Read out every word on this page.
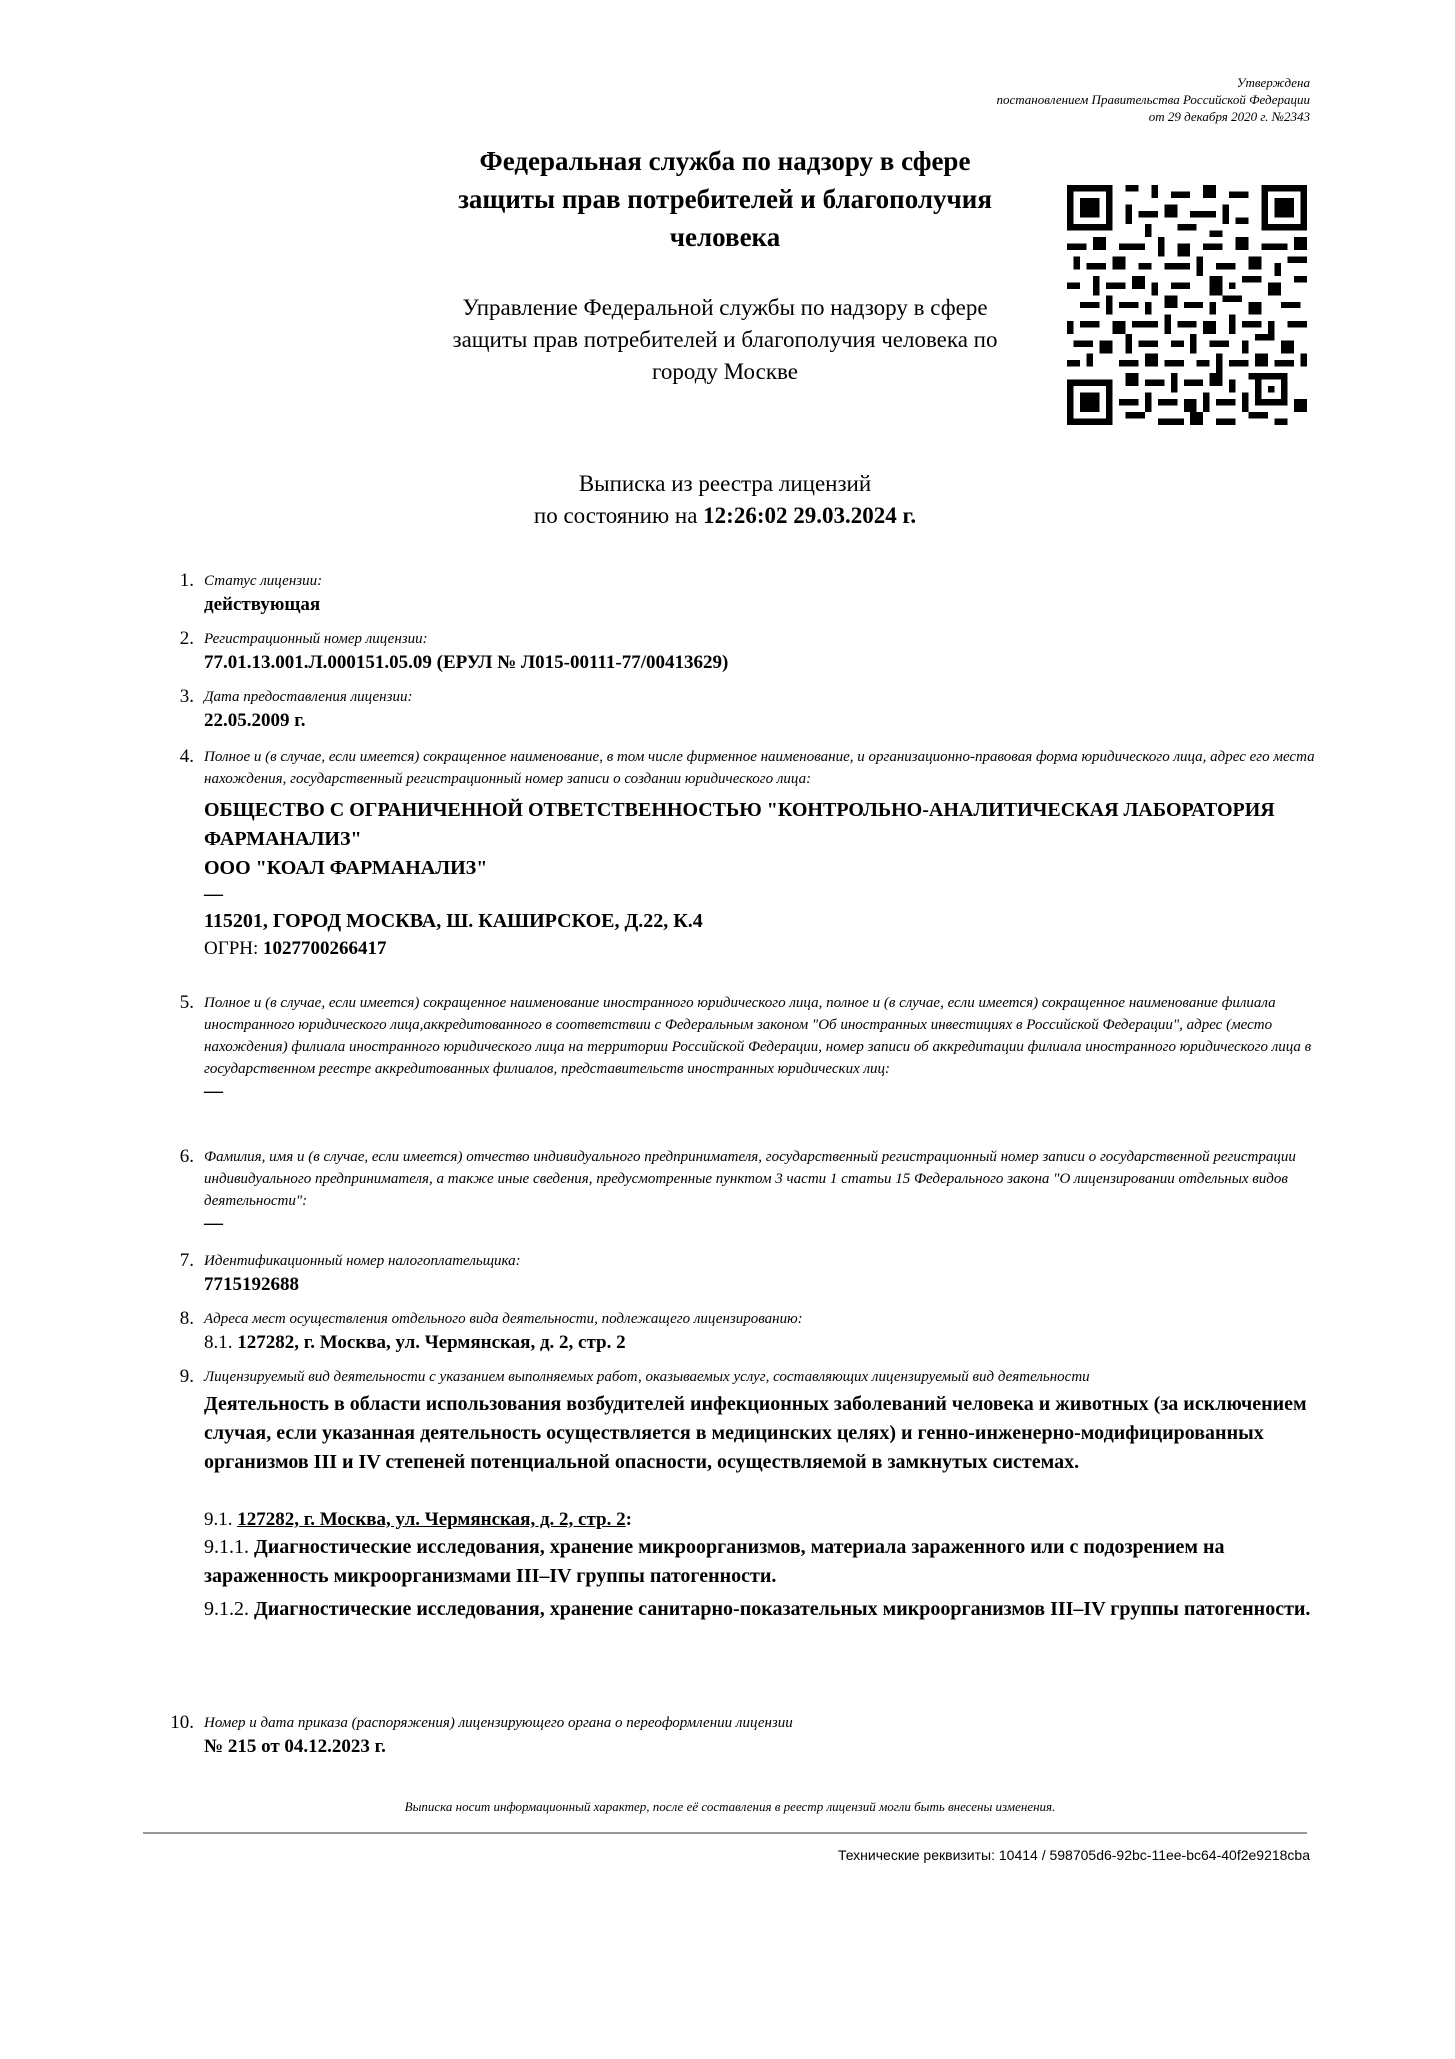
Утверждена
постановлением Правительства Российской Федерации
от 29 декабря 2020 г. №2343
Федеральная служба по надзору в сфере защиты прав потребителей и благополучия человека
Управление Федеральной службы по надзору в сфере защиты прав потребителей и благополучия человека по городу Москве
Выписка из реестра лицензий
по состоянию на 12:26:02 29.03.2024 г.
1. Статус лицензии:
действующая
2. Регистрационный номер лицензии:
77.01.13.001.Л.000151.05.09 (ЕРУЛ № Л015-00111-77/00413629)
3. Дата предоставления лицензии:
22.05.2009 г.
4. Полное и (в случае, если имеется) сокращенное наименование, в том числе фирменное наименование, и организационно-правовая форма юридического лица, адрес его места нахождения, государственный регистрационный номер записи о создании юридического лица:
ОБЩЕСТВО С ОГРАНИЧЕННОЙ ОТВЕТСТВЕННОСТЬЮ "КОНТРОЛЬНО-АНАЛИТИЧЕСКАЯ ЛАБОРАТОРИЯ ФАРМАНАЛИЗ"
ООО "КОАЛ ФАРМАНАЛИЗ"
—
115201, ГОРОД МОСКВА, Ш. КАШИРСКОЕ, Д.22, К.4
ОГРН: 1027700266417
5. Полное и (в случае, если имеется) сокращенное наименование иностранного юридического лица, полное и (в случае, если имеется) сокращенное наименование филиала иностранного юридического лица,аккредитованного в соответствии с Федеральным законом "Об иностранных инвестициях в Российской Федерации", адрес (место нахождения) филиала иностранного юридического лица на территории Российской Федерации, номер записи об аккредитации филиала иностранного юридического лица в государственном реестре аккредитованных филиалов, представительств иностранных юридических лиц:
—
6. Фамилия, имя и (в случае, если имеется) отчество индивидуального предпринимателя, государственный регистрационный номер записи о государственной регистрации индивидуального предпринимателя, а также иные сведения, предусмотренные пунктом 3 части 1 статьи 15 Федерального закона "О лицензировании отдельных видов деятельности":
—
7. Идентификационный номер налогоплательщика:
7715192688
8. Адреса мест осуществления отдельного вида деятельности, подлежащего лицензированию:
8.1. 127282, г. Москва, ул. Чермянская, д. 2, стр. 2
9. Лицензируемый вид деятельности с указанием выполняемых работ, оказываемых услуг, составляющих лицензируемый вид деятельности
Деятельность в области использования возбудителей инфекционных заболеваний человека и животных (за исключением случая, если указанная деятельность осуществляется в медицинских целях) и генно-инженерно-модифицированных организмов III и IV степеней потенциальной опасности, осуществляемой в замкнутых системах.
9.1. 127282, г. Москва, ул. Чермянская, д. 2, стр. 2:
9.1.1. Диагностические исследования, хранение микроорганизмов, материала зараженного или с подозрением на зараженность микроорганизмами III–IV группы патогенности.
9.1.2. Диагностические исследования, хранение санитарно-показательных микроорганизмов III–IV группы патогенности.
10. Номер и дата приказа (распоряжения) лицензирующего органа о переоформлении лицензии
№ 215 от 04.12.2023 г.
Выписка носит информационный характер, после её составления в реестр лицензий могли быть внесены изменения.
Технические реквизиты: 10414 / 598705d6-92bc-11ee-bc64-40f2e9218cba
